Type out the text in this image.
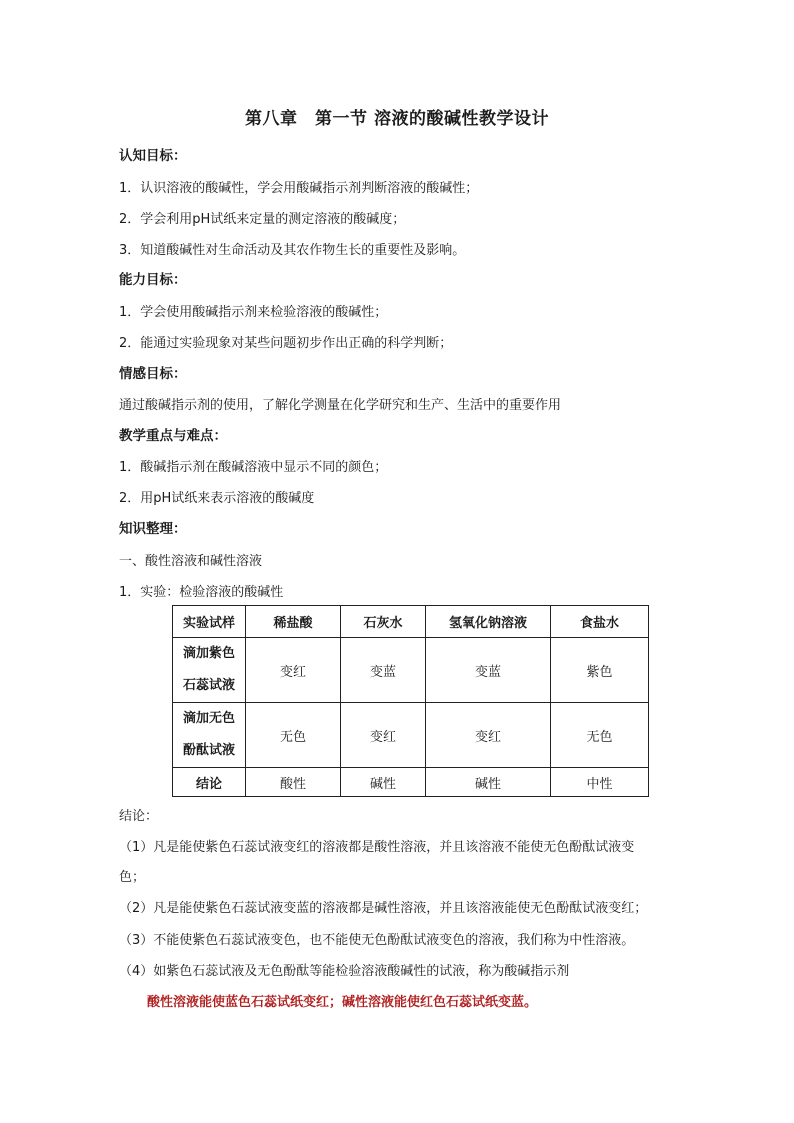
第八章　第一节 溶液的酸碱性教学设计
认知目标：
1．认识溶液的酸碱性，学会用酸碱指示剂判断溶液的酸碱性；
2．学会利用pH试纸来定量的测定溶液的酸碱度；
3．知道酸碱性对生命活动及其农作物生长的重要性及影响。
能力目标：
1．学会使用酸碱指示剂来检验溶液的酸碱性；
2．能通过实验现象对某些问题初步作出正确的科学判断；
情感目标：
通过酸碱指示剂的使用，了解化学测量在化学研究和生产、生活中的重要作用
教学重点与难点：
1．酸碱指示剂在酸碱溶液中显示不同的颜色；
2．用pH试纸来表示溶液的酸碱度
知识整理：
一、酸性溶液和碱性溶液
1．实验：检验溶液的酸碱性
实验试样	稀盐酸	石灰水	氢氧化钠溶液	食盐水

滴加紫色
石蕊试液	变红	变蓝	变蓝	紫色

滴加无色
酚酞试液	无色	变红	变红	无色
结论	酸性	碱性	碱性	中性
结论：
（1）凡是能使紫色石蕊试液变红的溶液都是酸性溶液，并且该溶液不能使无色酚酞试液变
色；
（2）凡是能使紫色石蕊试液变蓝的溶液都是碱性溶液，并且该溶液能使无色酚酞试液变红；
（3）不能使紫色石蕊试液变色，也不能使无色酚酞试液变色的溶液，我们称为中性溶液。
（4）如紫色石蕊试液及无色酚酞等能检验溶液酸碱性的试液，称为酸碱指示剂
酸性溶液能使蓝色石蕊试纸变红；碱性溶液能使红色石蕊试纸变蓝。
